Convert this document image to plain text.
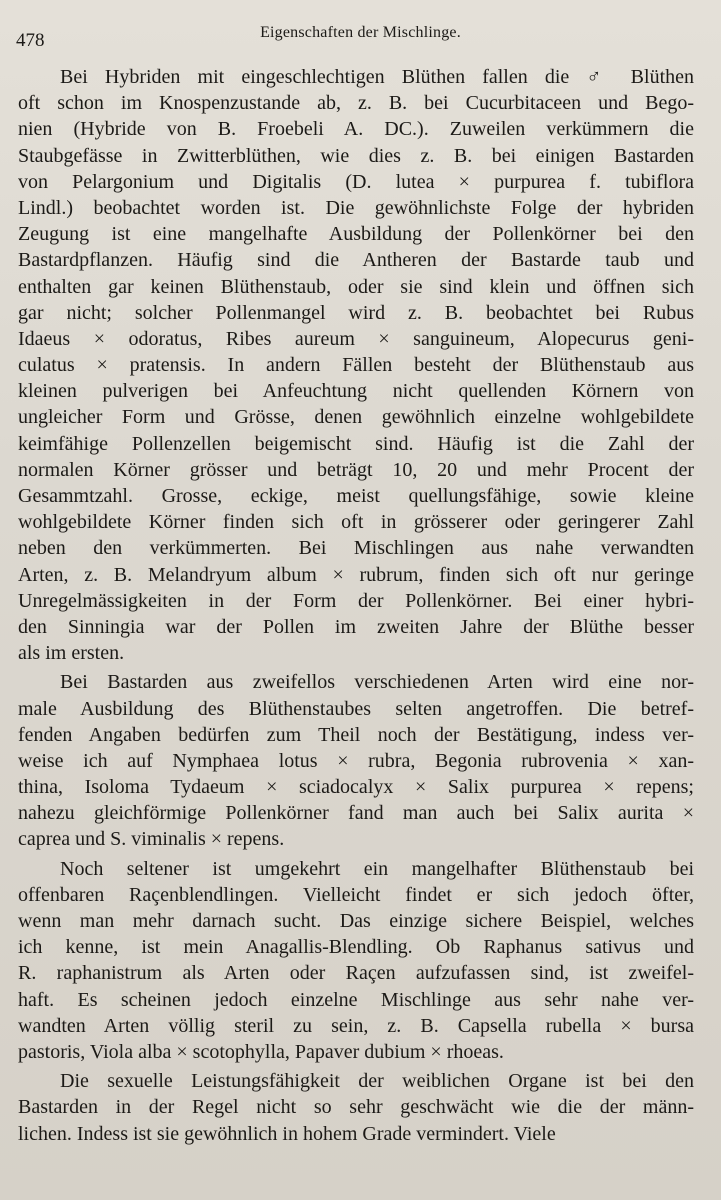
478	Eigenschaften der Mischlinge.
Bei Hybriden mit eingeschlechtigen Blüthen fallen die ♂ Blüthen
oft schon im Knospenzustande ab, z. B. bei Cucurbitaceen und Bego-
nien (Hybride von B. Froebeli A. DC.). Zuweilen verkümmern die
Staubgefässe in Zwitterblüthen, wie dies z. B. bei einigen Bastarden
von Pelargonium und Digitalis (D. lutea × purpurea f. tubiflora
Lindl.) beobachtet worden ist. Die gewöhnlichste Folge der hybriden
Zeugung ist eine mangelhafte Ausbildung der Pollenkörner bei den
Bastardpflanzen. Häufig sind die Antheren der Bastarde taub und
enthalten gar keinen Blüthenstaub, oder sie sind klein und öffnen sich
gar nicht; solcher Pollenmangel wird z. B. beobachtet bei Rubus
Idaeus × odoratus, Ribes aureum × sanguineum, Alopecurus geni-
culatus × pratensis. In andern Fällen besteht der Blüthenstaub aus
kleinen pulverigen bei Anfeuchtung nicht quellenden Körnern von
ungleicher Form und Grösse, denen gewöhnlich einzelne wohlgebildete
keimfähige Pollenzellen beigemischt sind. Häufig ist die Zahl der
normalen Körner grösser und beträgt 10, 20 und mehr Procent der
Gesammtzahl. Grosse, eckige, meist quellungsfähige, sowie kleine
wohlgebildete Körner finden sich oft in grösserer oder geringerer Zahl
neben den verkümmerten. Bei Mischlingen aus nahe verwandten
Arten, z. B. Melandryum album × rubrum, finden sich oft nur geringe
Unregelmässigkeiten in der Form der Pollenkörner. Bei einer hybri-
den Sinningia war der Pollen im zweiten Jahre der Blüthe besser
als im ersten.
Bei Bastarden aus zweifellos verschiedenen Arten wird eine nor-
male Ausbildung des Blüthenstaubes selten angetroffen. Die betref-
fenden Angaben bedürfen zum Theil noch der Bestätigung, indess ver-
weise ich auf Nymphaea lotus × rubra, Begonia rubrovenia × xan-
thina, Isoloma Tydaeum × sciadocalyx × Salix purpurea × repens;
nahezu gleichförmige Pollenkörner fand man auch bei Salix aurita ×
caprea und S. viminalis × repens.
Noch seltener ist umgekehrt ein mangelhafter Blüthenstaub bei
offenbaren Raçenblendlingen. Vielleicht findet er sich jedoch öfter,
wenn man mehr darnach sucht. Das einzige sichere Beispiel, welches
ich kenne, ist mein Anagallis-Blendling. Ob Raphanus sativus und
R. raphanistrum als Arten oder Raçen aufzufassen sind, ist zweifel-
haft. Es scheinen jedoch einzelne Mischlinge aus sehr nahe ver-
wandten Arten völlig steril zu sein, z. B. Capsella rubella × bursa
pastoris, Viola alba × scotophylla, Papaver dubium × rhoeas.
Die sexuelle Leistungsfähigkeit der weiblichen Organe ist bei den
Bastarden in der Regel nicht so sehr geschwächt wie die der männ-
lichen. Indess ist sie gewöhnlich in hohem Grade vermindert. Viele
